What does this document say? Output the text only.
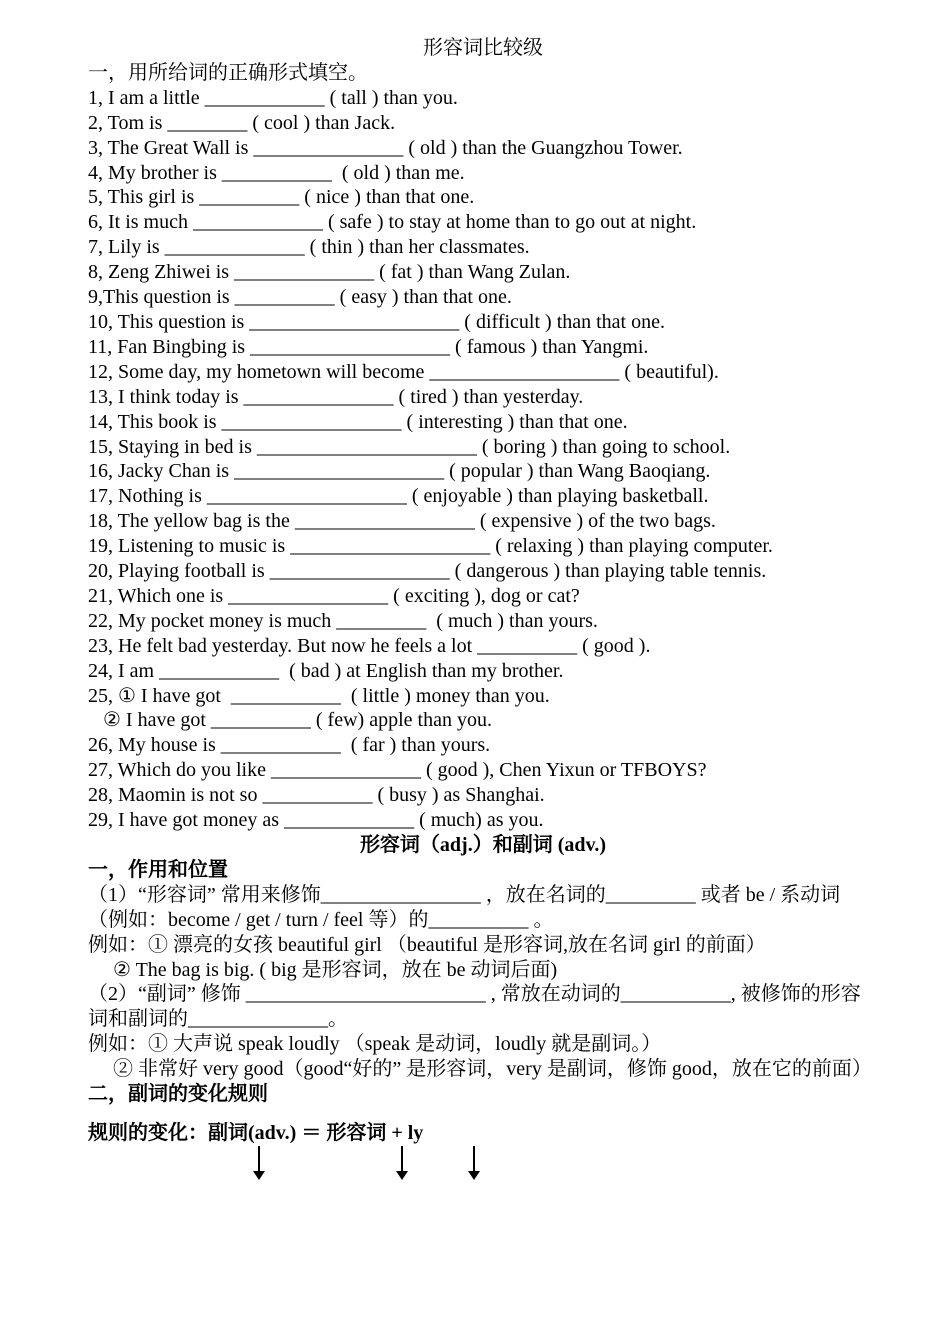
形容词比较级
一，用所给词的正确形式填空。
1, I am a little ____________ ( tall ) than you.
2, Tom is ________ ( cool ) than Jack.
3, The Great Wall is _______________ ( old ) than the Guangzhou Tower.
4, My brother is ___________  ( old ) than me.
5, This girl is __________ ( nice ) than that one.
6, It is much _____________ ( safe ) to stay at home than to go out at night.
7, Lily is ______________ ( thin ) than her classmates.
8, Zeng Zhiwei is ______________ ( fat ) than Wang Zulan.
9,This question is __________ ( easy ) than that one.
10, This question is _____________________ ( difficult ) than that one.
11, Fan Bingbing is ____________________ ( famous ) than Yangmi.
12, Some day, my hometown will become ___________________ ( beautiful).
13, I think today is _______________ ( tired ) than yesterday.
14, This book is __________________ ( interesting ) than that one.
15, Staying in bed is ______________________ ( boring ) than going to school.
16, Jacky Chan is _____________________ ( popular ) than Wang Baoqiang.
17, Nothing is ____________________ ( enjoyable ) than playing basketball.
18, The yellow bag is the __________________ ( expensive ) of the two bags.
19, Listening to music is ____________________ ( relaxing ) than playing computer.
20, Playing football is __________________ ( dangerous ) than playing table tennis.
21, Which one is ________________ ( exciting ), dog or cat?
22, My pocket money is much _________  ( much ) than yours.
23, He felt bad yesterday. But now he feels a lot __________ ( good ).
24, I am ____________  ( bad ) at English than my brother.
25, ① I have got  ___________  ( little ) money than you.
② I have got __________ ( few) apple than you.
26, My house is ____________  ( far ) than yours.
27, Which do you like _______________ ( good ), Chen Yixun or TFBOYS?
28, Maomin is not so ___________ ( busy ) as Shanghai.
29, I have got money as _____________ ( much) as you.
形容词（adj.）和副词 (adv.)
一，作用和位置
（1）“形容词” 常用来修饰________________ ，放在名词的_________ 或者 be / 系动词（例如：become / get / turn / feel 等）的__________ 。
例如：① 漂亮的女孩 beautiful girl （beautiful 是形容词,放在名词 girl 的前面）
② The bag is big. ( big 是形容词，放在 be 动词后面)
（2）“副词” 修饰 ________________________ , 常放在动词的___________, 被修饰的形容词和副词的______________。
例如：① 大声说 speak loudly （speak 是动词，loudly 就是副词。）
② 非常好 very good（good“好的” 是形容词，very 是副词，修饰 good，放在它的前面）
二，副词的变化规则
规则的变化：副词(adv.) ＝ 形容词 + ly
